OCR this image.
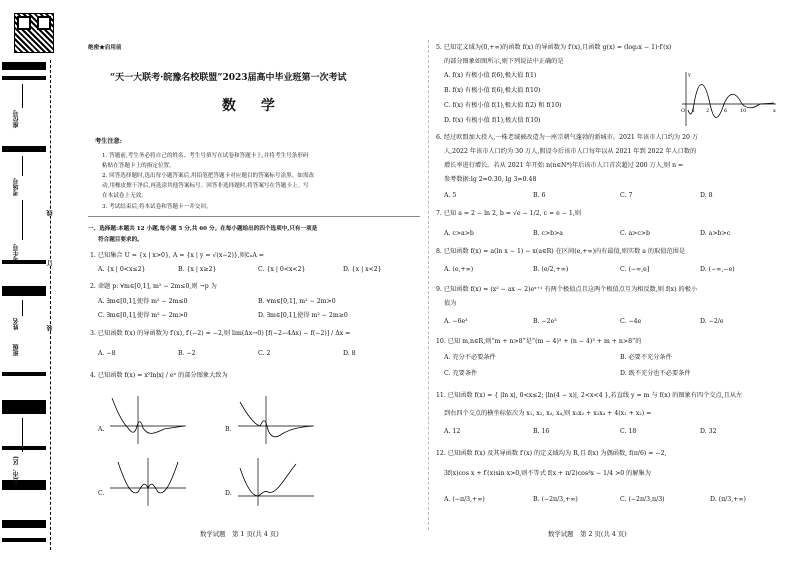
座位号
考场号
考生号
姓名
班级
县(市、区)
线
订
装
绝密★启用前
“天一大联考·皖豫名校联盟”2023届高中毕业班第一次考试
数 学
考生注意:
1. 答题前,考生务必将自己的姓名、考生号填写在试卷和答题卡上,并将考生号条形码
粘贴在答题卡上的指定位置。
2. 回答选择题时,选出每小题答案后,用铅笔把答题卡对应题目的答案标号涂黑。如需改
动,用橡皮擦干净后,再选涂其他答案标号。回答非选择题时,将答案写在答题卡上。写
在本试卷上无效。
3. 考试结束后,将本试卷和答题卡一并交回。
一、选择题:本题共 12 小题,每小题 5 分,共 60 分。在每小题给出的四个选项中,只有一项是
符合题目要求的。
1. 已知集合 U = {x | x>0}, A = {x | y = √(x−2)},则∁ᵤA =
A. {x | 0<x≤2}	B. {x | x≥2}	C. {x | 0<x<2}	D. {x | x<2}
2. 命题 p: ∀m∈[0,1], m² − 2m≤0,则 ¬p 为
A. ∃m∈[0,1],使得 m² − 2m≤0	B. ∀m∈[0,1], m² − 2m>0
C. ∃m∈[0,1],使得 m² − 2m>0	D. ∃m∈[0,1],使得 m² − 2m≥0
3. 已知函数 f(x) 的导函数为 f′(x), f′(−2) = −2,则 lim(Δx→0) [f(−2−4Δx) − f(−2)] / Δx =
A. −8	B. −2	C. 2	D. 8
4. 已知函数 f(x) = x²ln|x| / eˣ 的部分图象大致为
A.	B.
C.	D.
数学试题　第 1 页(共 4 页)
5. 已知定义域为(0,+∞)的函数 f(x) 的导函数为 f′(x),且函数 g(x) = (log₂x − 1)·f′(x)
的部分图象如图所示,则下列说法中正确的是
A. f(x) 有极小值 f(6),极大值 f(1)
B. f(x) 有极小值 f(6),极大值 f(10)
C. f(x) 有极小值 f(1),极大值 f(2) 和 f(10)
D. f(x) 有极小值 f(1),极大值 f(10)
O	x
y
1 2	6	10
6. 经过欧盟加大投入,一株老域被改造为一座宗朝气蓬勃的新城市。2021 年该市人口约为 20 万
人,2022 年该市人口约为 30 万人,假设今后该市人口每年以从 2021 年到 2022 年人口数的
增长率进行增长。若从 2021 年开始 n(n∈N*)年后该市人口首次超过 200 万人,则 n =
参考数据:lg 2≈0.30, lg 3≈0.48
A. 5	B. 6	C. 7	D. 8
7. 已知 a = 2 − ln 2, b = √e − 1/2, c = e − 1,则
A. c>a>b	B. c>b>a	C. a>c>b	D. a>b>c
8. 已知函数 f(x) = a(ln x − 1) − x(a∈R) 在区间(e,+∞)内有最值,则实数 a 的取值范围是
A. (e,+∞)	B. (e/2,+∞)	C. (−∞,e]	D. (−∞,−e)
9. 已知函数 f(x) = (x² − ax − 2)eˣ⁺¹ 有两个极值点且这两个极值点互为相反数,则 f(x) 的极小
值为
A. −6e³	B. −2e³	C. −4e	D. −2/e
10. 已知 m,n∈R,则“m + n>8”是“(m − 4)³ + (n − 4)³ + m + n>8”的
A. 充分不必要条件	B. 必要不充分条件
C. 充要条件	D. 既不充分也不必要条件
11. 已知函数 f(x) = { |ln x|, 0<x≤2; |ln(4 − x)|, 2<x<4 },若直线 y = m 与 f(x) 的图象有四个交点,且从左
到右四个交点的横坐标依次为 x₁, x₂, x₃, x₄,则 x₁x₂ + x₃x₄ + 4(x₁ + x₂) =
A. 12	B. 16	C. 18	D. 32
12. 已知函数 f(x) 及其导函数 f′(x) 的定义域均为 R,且 f(x) 为偶函数, f(π/6) = −2,
3f(x)cos x + f′(x)sin x>0,则不等式 f(x + π/2)cos³x − 1/4 >0 的解集为
A. (−π/3,+∞)	B. (−2π/3,+∞)	C. (−2π/3,π/3)	D. (π/3,+∞)
数学试题　第 2 页(共 4 页)
